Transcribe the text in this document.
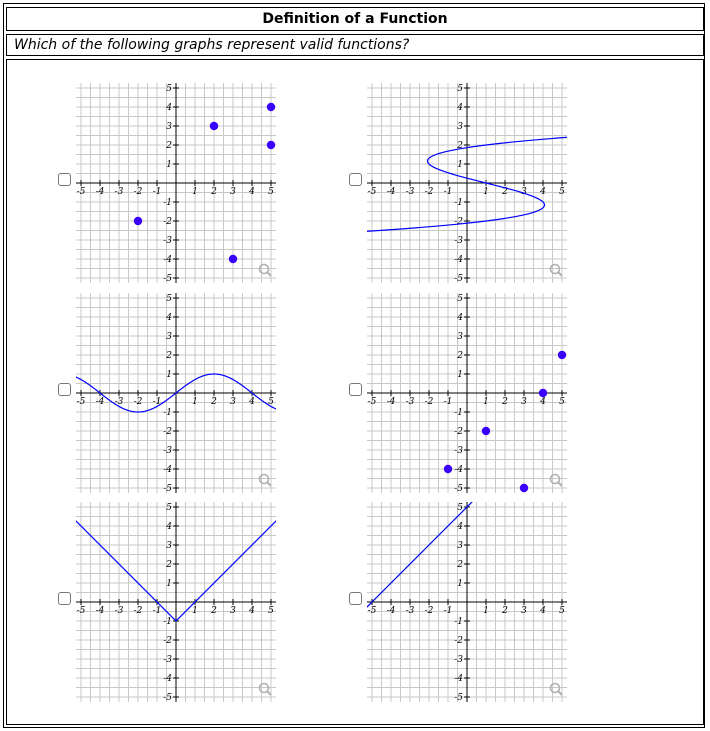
Definition of a Function
Which of the following graphs represent valid functions?
-5
-5
-4
-4
-3
-3
-2
-2
-1
-1
1
1
2
2
3
3
4
4
5
5
-5
-5
-4
-4
-3
-3
-2
-2
-1
-1
1
1
2
2
3
3
4
4
5
5
-5
-5
-4
-4
-3
-3
-2
-2
-1
-1
1
1
2
2
3
3
4
4
5
5
-5
-5
-4
-4
-3
-3
-2
-2
-1
-1
1
1
2
2
3
3
4
4
5
5
-5
-5
-4
-4
-3
-3
-2
-2
-1
-1
1
1
2
2
3
3
4
4
5
5
-5
-5
-4
-4
-3
-3
-2
-2
-1
-1
1
1
2
2
3
3
4
4
5
5
